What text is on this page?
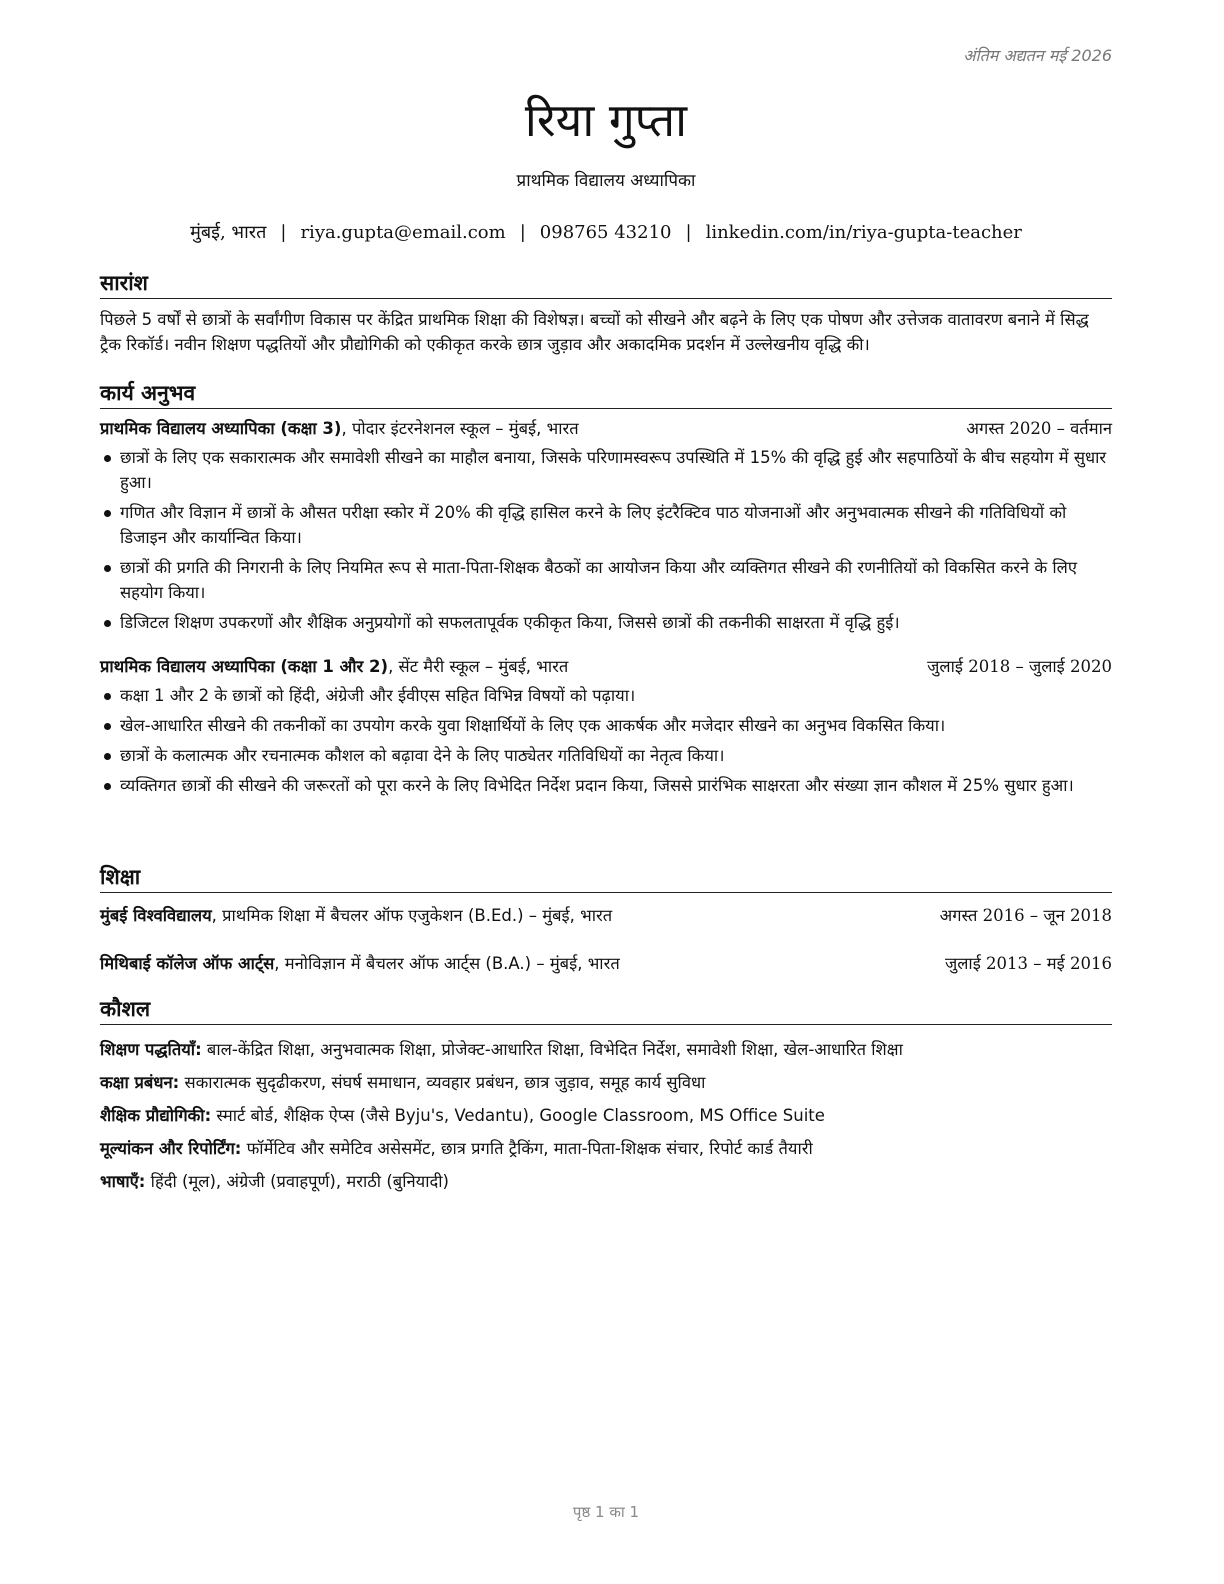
अंतिम अद्यतन मई 2026
रिया गुप्ता
प्राथमिक विद्यालय अध्यापिका
मुंबई, भारत | riya.gupta@email.com | 098765 43210 | linkedin.com/in/riya-gupta-teacher
सारांश

पिछले 5 वर्षों से छात्रों के सर्वांगीण विकास पर केंद्रित प्राथमिक शिक्षा की विशेषज्ञ। बच्चों को सीखने और बढ़ने के लिए एक पोषण और उत्तेजक वातावरण बनाने में सिद्ध ट्रैक रिकॉर्ड। नवीन शिक्षण पद्धतियों और प्रौद्योगिकी को एकीकृत करके छात्र जुड़ाव और अकादमिक प्रदर्शन में उल्लेखनीय वृद्धि की।

कार्य अनुभव
प्राथमिक विद्यालय अध्यापिका (कक्षा 3), पोदार इंटरनेशनल स्कूल – मुंबई, भारत	अगस्त 2020 – वर्तमान
छात्रों के लिए एक सकारात्मक और समावेशी सीखने का माहौल बनाया, जिसके परिणामस्वरूप उपस्थिति में 15% की वृद्धि हुई और सहपाठियों के बीच सहयोग में सुधार हुआ।
गणित और विज्ञान में छात्रों के औसत परीक्षा स्कोर में 20% की वृद्धि हासिल करने के लिए इंटरैक्टिव पाठ योजनाओं और अनुभवात्मक सीखने की गतिविधियों को डिजाइन और कार्यान्वित किया।
छात्रों की प्रगति की निगरानी के लिए नियमित रूप से माता-पिता-शिक्षक बैठकों का आयोजन किया और व्यक्तिगत सीखने की रणनीतियों को विकसित करने के लिए सहयोग किया।
डिजिटल शिक्षण उपकरणों और शैक्षिक अनुप्रयोगों को सफलतापूर्वक एकीकृत किया, जिससे छात्रों की तकनीकी साक्षरता में वृद्धि हुई।
प्राथमिक विद्यालय अध्यापिका (कक्षा 1 और 2), सेंट मैरी स्कूल – मुंबई, भारत	जुलाई 2018 – जुलाई 2020
कक्षा 1 और 2 के छात्रों को हिंदी, अंग्रेजी और ईवीएस सहित विभिन्न विषयों को पढ़ाया।
खेल-आधारित सीखने की तकनीकों का उपयोग करके युवा शिक्षार्थियों के लिए एक आकर्षक और मजेदार सीखने का अनुभव विकसित किया।
छात्रों के कलात्मक और रचनात्मक कौशल को बढ़ावा देने के लिए पाठ्येतर गतिविधियों का नेतृत्व किया।
व्यक्तिगत छात्रों की सीखने की जरूरतों को पूरा करने के लिए विभेदित निर्देश प्रदान किया, जिससे प्रारंभिक साक्षरता और संख्या ज्ञान कौशल में 25% सुधार हुआ।
शिक्षा
मुंबई विश्वविद्यालय, प्राथमिक शिक्षा में बैचलर ऑफ एजुकेशन (B.Ed.) – मुंबई, भारत	अगस्त 2016 – जून 2018
मिथिबाई कॉलेज ऑफ आर्ट्स, मनोविज्ञान में बैचलर ऑफ आर्ट्स (B.A.) – मुंबई, भारत	जुलाई 2013 – मई 2016
कौशल
शिक्षण पद्धतियाँ: बाल-केंद्रित शिक्षा, अनुभवात्मक शिक्षा, प्रोजेक्ट-आधारित शिक्षा, विभेदित निर्देश, समावेशी शिक्षा, खेल-आधारित शिक्षा
कक्षा प्रबंधन: सकारात्मक सुदृढीकरण, संघर्ष समाधान, व्यवहार प्रबंधन, छात्र जुड़ाव, समूह कार्य सुविधा
शैक्षिक प्रौद्योगिकी: स्मार्ट बोर्ड, शैक्षिक ऐप्स (जैसे Byju's, Vedantu), Google Classroom, MS Office Suite
मूल्यांकन और रिपोर्टिंग: फॉर्मेटिव और समेटिव असेसमेंट, छात्र प्रगति ट्रैकिंग, माता-पिता-शिक्षक संचार, रिपोर्ट कार्ड तैयारी
भाषाएँ: हिंदी (मूल), अंग्रेजी (प्रवाहपूर्ण), मराठी (बुनियादी)
पृष्ठ 1 का 1
